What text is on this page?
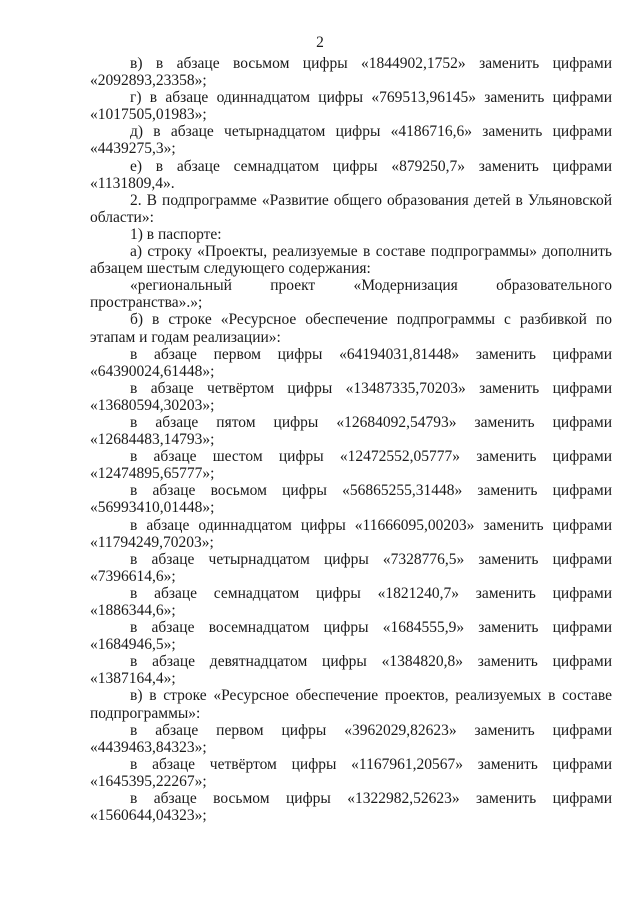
2

в) в абзаце восьмом цифры «1844902,1752» заменить цифрами «2092893,23358»;

г) в абзаце одиннадцатом цифры «769513,96145» заменить цифрами «1017505,01983»;

д) в абзаце четырнадцатом цифры «4186716,6» заменить цифрами «4439275,3»;

е) в абзаце семнадцатом цифры «879250,7» заменить цифрами «1131809,4».

2. В подпрограмме «Развитие общего образования детей в Ульяновской области»:

1) в паспорте:

а) строку «Проекты, реализуемые в составе подпрограммы» дополнить абзацем шестым следующего содержания:

«региональный проект «Модернизация образовательного пространства».»;

б) в строке «Ресурсное обеспечение подпрограммы с разбивкой по этапам и годам реализации»:

в абзаце первом цифры «64194031,81448» заменить цифрами «64390024,61448»;

в абзаце четвёртом цифры «13487335,70203» заменить цифрами «13680594,30203»;

в абзаце пятом цифры «12684092,54793» заменить цифрами «12684483,14793»;

в абзаце шестом цифры «12472552,05777» заменить цифрами «12474895,65777»;

в абзаце восьмом цифры «56865255,31448» заменить цифрами «56993410,01448»;

в абзаце одиннадцатом цифры «11666095,00203» заменить цифрами «11794249,70203»;

в абзаце четырнадцатом цифры «7328776,5» заменить цифрами «7396614,6»;

в абзаце семнадцатом цифры «1821240,7» заменить цифрами «1886344,6»;

в абзаце восемнадцатом цифры «1684555,9» заменить цифрами «1684946,5»;

в абзаце девятнадцатом цифры «1384820,8» заменить цифрами «1387164,4»;

в) в строке «Ресурсное обеспечение проектов, реализуемых в составе подпрограммы»:

в абзаце первом цифры «3962029,82623» заменить цифрами «4439463,84323»;

в абзаце четвёртом цифры «1167961,20567» заменить цифрами «1645395,22267»;

в абзаце восьмом цифры «1322982,52623» заменить цифрами «1560644,04323»;
